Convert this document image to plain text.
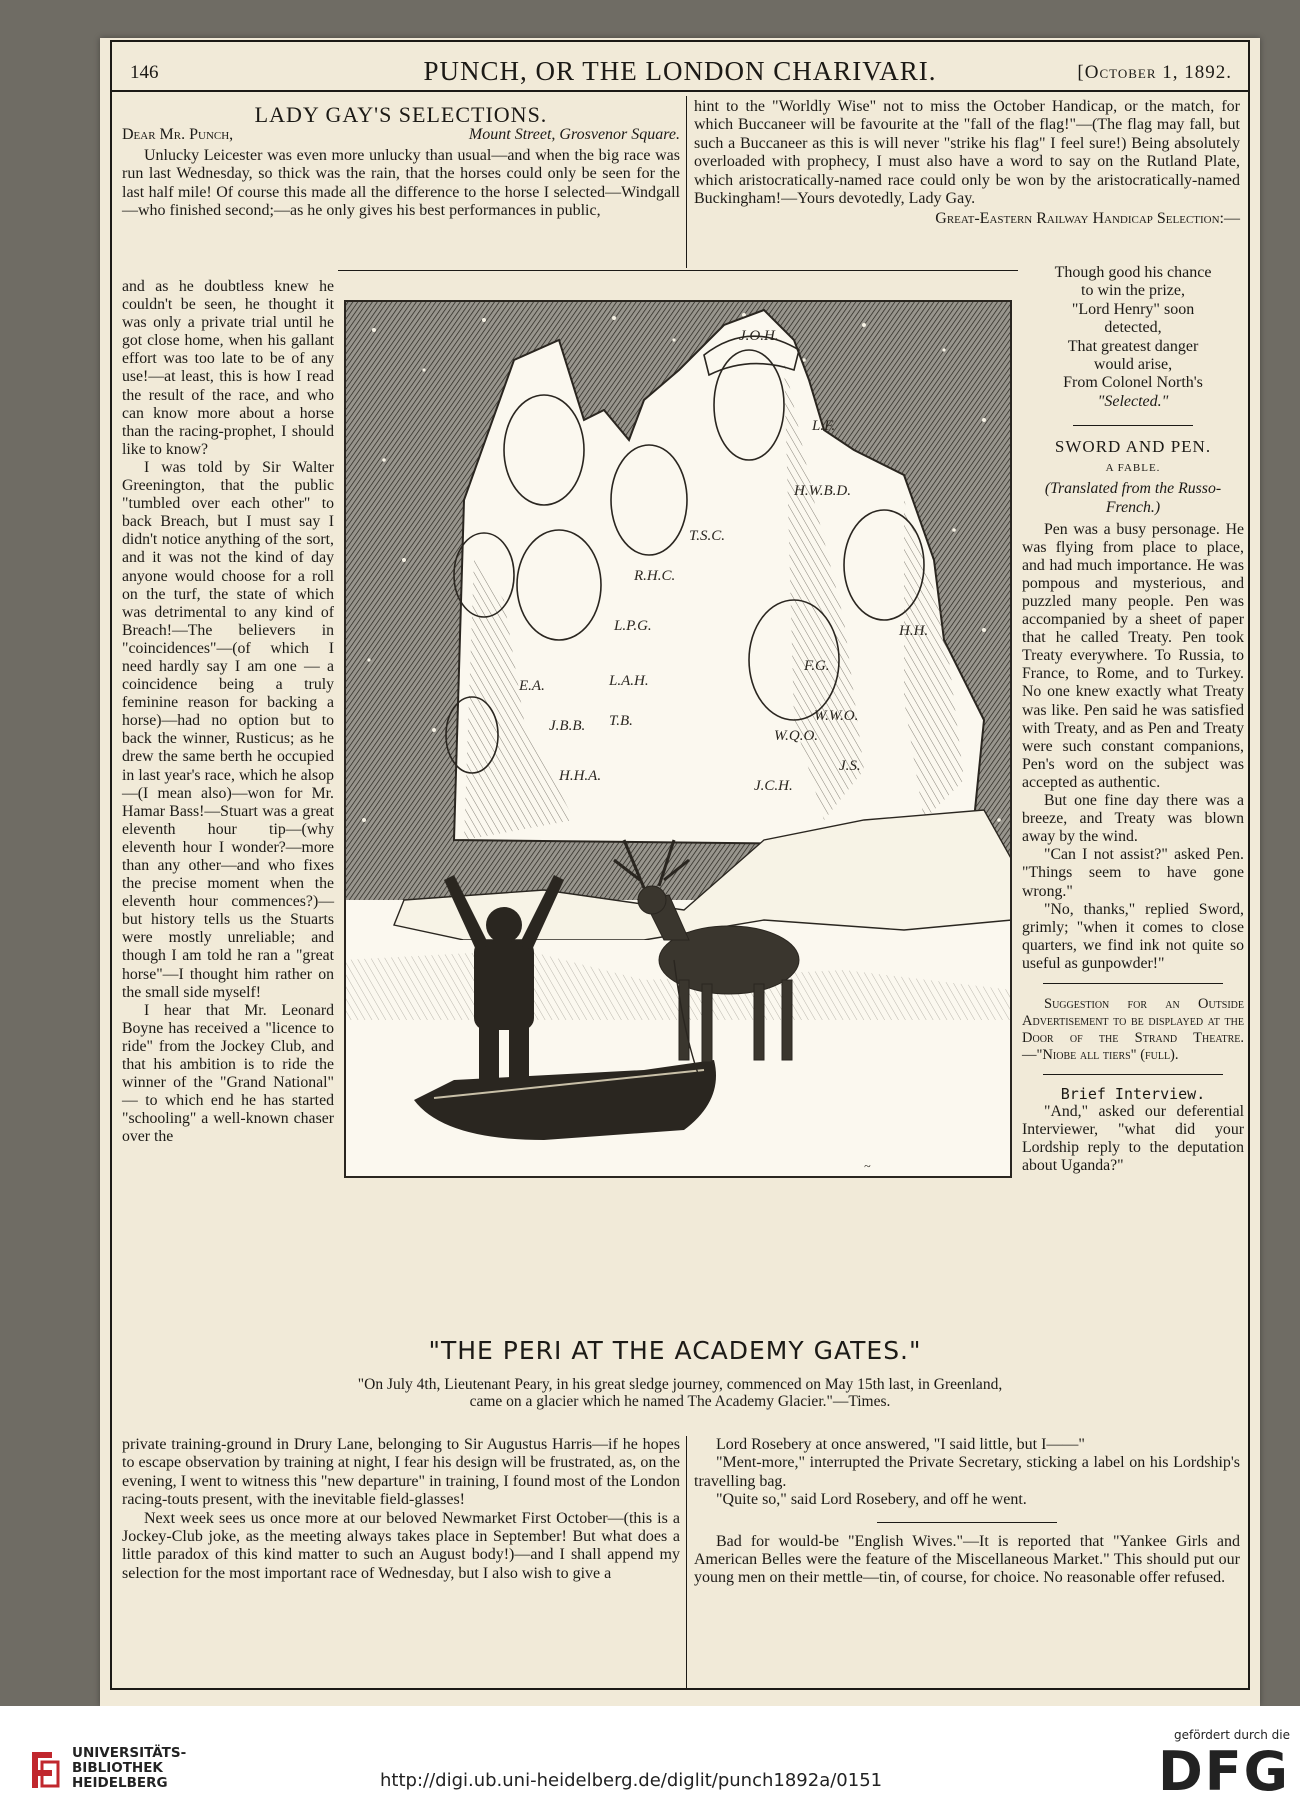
146	PUNCH, OR THE LONDON CHARIVARI.	[October 1, 1892.
LADY GAY'S SELECTIONS.
Dear Mr. Punch,	Mount Street, Grosvenor Square.

Unlucky Leicester was even more unlucky than usual—and when the big race was run last Wednesday, so thick was the rain, that the horses could only be seen for the last half mile! Of course this made all the difference to the horse I selected—Windgall—who finished second;—as he only gives his best performances in public,

and as he doubtless knew he couldn't be seen, he thought it was only a private trial until he got close home, when his gallant effort was too late to be of any use!—at least, this is how I read the result of the race, and who can know more about a horse than the racing-prophet, I should like to know?

I was told by Sir Walter Greenington, that the public "tumbled over each other" to back Breach, but I must say I didn't notice anything of the sort, and it was not the kind of day anyone would choose for a roll on the turf, the state of which was detrimental to any kind of Breach!—The believers in "coincidences"—(of which I need hardly say I am one — a coincidence being a truly feminine reason for backing a horse)—had no option but to back the winner, Rusticus; as he drew the same berth he occupied in last year's race, which he alsop—(I mean also)—won for Mr. Hamar Bass!—Stuart was a great eleventh hour tip—(why eleventh hour I wonder?—more than any other—and who fixes the precise moment when the eleventh hour commences?)—but history tells us the Stuarts were mostly unreliable; and though I am told he ran a "great horse"—I thought him rather on the small side myself!

I hear that Mr. Leonard Boyne has received a "licence to ride" from the Jockey Club, and that his ambition is to ride the winner of the "Grand National" — to which end he has started "schooling" a well-known chaser over the

private training-ground in Drury Lane, belonging to Sir Augustus Harris—if he hopes to escape observation by training at night, I fear his design will be frustrated, as, on the evening, I went to witness this "new departure" in training, I found most of the London racing-touts present, with the inevitable field-glasses!

Next week sees us once more at our beloved Newmarket First October—(this is a Jockey-Club joke, as the meeting always takes place in September! But what does a little paradox of this kind matter to such an August body!)—and I shall append my selection for the most important race of Wednesday, but I also wish to give a

hint to the "Worldly Wise" not to miss the October Handicap, or the match, for which Buccaneer will be favourite at the "fall of the flag!"—(The flag may fall, but such a Buccaneer as this is will never "strike his flag" I feel sure!) Being absolutely overloaded with prophecy, I must also have a word to say on the Rutland Plate, which aristocratically-named race could only be won by the aristocratically-named Buckingham!—Yours devotedly, Lady Gay.

Great-Eastern Railway Handicap Selection:—

Though good his chance
to win the prize,
"Lord Henry" soon
detected,
That greatest danger
would arise,
From Colonel North's
"Selected."
SWORD AND PEN.
A FABLE.
(Translated from the Russo-French.)

Pen was a busy personage. He was flying from place to place, and had much importance. He was pompous and mysterious, and puzzled many people. Pen was accompanied by a sheet of paper that he called Treaty. Pen took Treaty everywhere. To Russia, to France, to Rome, and to Turkey. No one knew exactly what Treaty was like. Pen said he was satisfied with Treaty, and as Pen and Treaty were such constant companions, Pen's word on the subject was accepted as authentic.

But one fine day there was a breeze, and Treaty was blown away by the wind.

"Can I not assist?" asked Pen. "Things seem to have gone wrong."

"No, thanks," replied Sword, grimly; "when it comes to close quarters, we find ink not quite so useful as gunpowder!"

Suggestion for an Outside Advertisement to be displayed at the Door of the Strand Theatre.—"Niobe all tiers" (full).

Brief Interview.

"And," asked our deferential Interviewer, "what did your Lordship reply to the deputation about Uganda?"

Lord Rosebery at once answered, "I said little, but I——"

"Ment-more," interrupted the Private Secretary, sticking a label on his Lordship's travelling bag.

"Quite so," said Lord Rosebery, and off he went.

Bad for would-be "English Wives."—It is reported that "Yankee Girls and American Belles were the feature of the Miscellaneous Market." This should put our young men on their mettle—tin, of course, for choice. No reasonable offer refused.

J.O.H.
L.F.
H.W.B.D.
T.S.C.
R.H.C.
L.P.G.
L.A.H.
E.A.
T.B.
J.B.B.
H.H.A.
F.G.
H.H.
W.W.O.
W.Q.O.
J.C.H.
J.S.
~
"THE PERI AT THE ACADEMY GATES."
"On July 4th, Lieutenant Peary, in his great sledge journey, commenced on May 15th last, in Greenland, came on a glacier which he named The Academy Glacier."—Times.
UNIVERSITÄTS-
BIBLIOTHEK
HEIDELBERG	http://digi.ub.uni-heidelberg.de/diglit/punch1892a/0151
gefördert durch die
DFG
